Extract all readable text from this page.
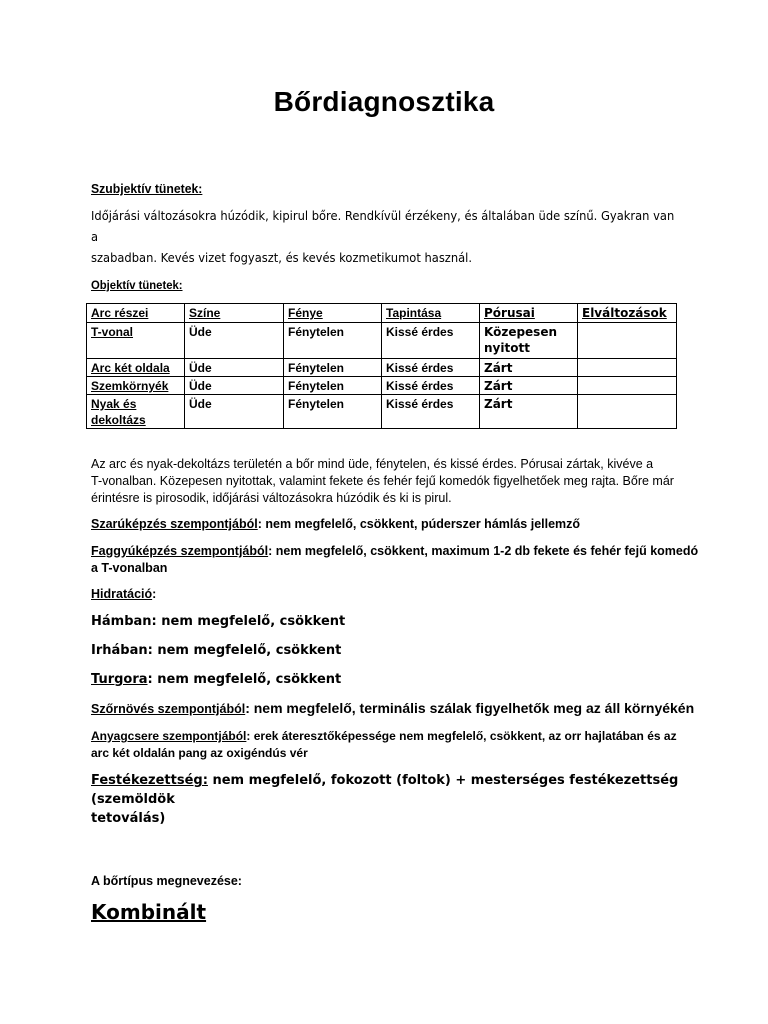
Bőrdiagnosztika
Szubjektív tünetek:
Időjárási változásokra húzódik, kipirul bőre. Rendkívül érzékeny, és általában üde színű. Gyakran van a
szabadban. Kevés vizet fogyaszt, és kevés kozmetikumot használ.
Objektív tünetek:
Arc részei	Színe	Fénye	Tapintása	Pórusai	Elváltozások
T-vonal	Üde	Fénytelen	Kissé érdes	Közepesen nyitott	
Arc két oldala	Üde	Fénytelen	Kissé érdes	Zárt	
Szemkörnyék	Üde	Fénytelen	Kissé érdes	Zárt	
Nyak és dekoltázs	Üde	Fénytelen	Kissé érdes	Zárt	
Az arc és nyak-dekoltázs területén a bőr mind üde, fénytelen, és kissé érdes. Pórusai zártak, kivéve a
T-vonalban. Közepesen nyitottak, valamint fekete és fehér fejű komedók figyelhetőek meg rajta. Bőre már
érintésre is pirosodik, időjárási változásokra húzódik és ki is pirul.
Szarúképzés szempontjából: nem megfelelő, csökkent, púderszer hámlás jellemző
Faggyúképzés szempontjából: nem megfelelő, csökkent, maximum 1-2 db fekete és fehér fejű komedó
a T-vonalban
Hidratáció:
Hámban: nem megfelelő, csökkent
Irhában: nem megfelelő, csökkent
Turgora: nem megfelelő, csökkent
Szőrnövés szempontjából: nem megfelelő, terminális szálak figyelhetők meg az áll környékén
Anyagcsere szempontjából: erek áteresztőképessége nem megfelelő, csökkent, az orr hajlatában és az
arc két oldalán pang az oxigéndús vér
Festékezettség: nem megfelelő, fokozott (foltok) + mesterséges festékezettség (szemöldök
tetoválás)
A bőrtípus megnevezése:
Kombinált
